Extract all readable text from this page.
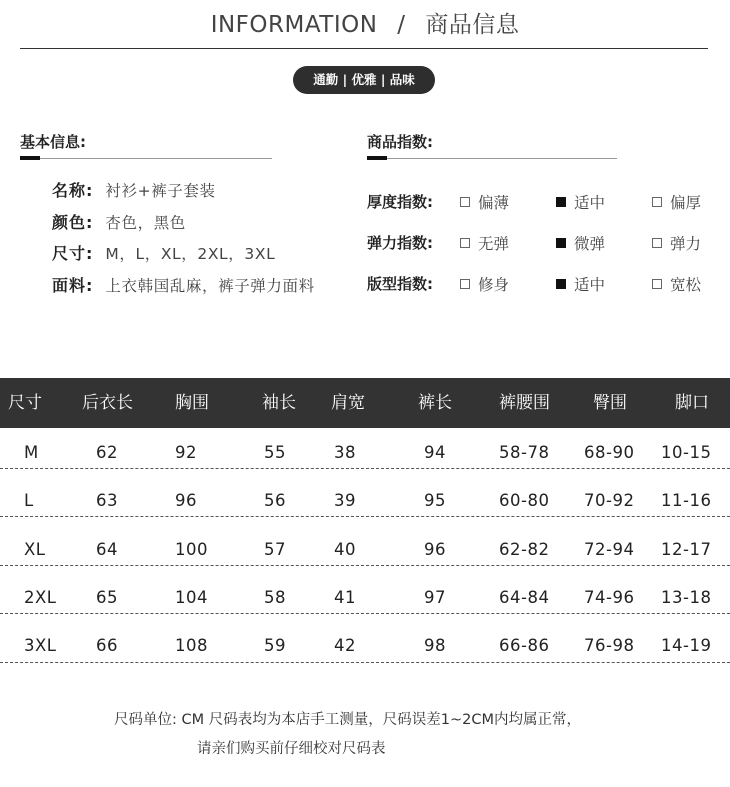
INFORMATION / 商品信息
通勤 | 优雅 | 品味
基本信息:
名称: 衬衫+裤子套装
颜色: 杏色，黑色
尺寸: M，L，XL，2XL，3XL
面料: 上衣韩国乱麻，裤子弹力面料
商品指数:
厚度指数:	偏薄	适中	偏厚
弹力指数:	无弹	微弹	弹力
版型指数:	修身	适中	宽松
尺寸 后衣长 胸围	袖长 肩宽	裤长	裤腰围	臀围	脚口
M	62	92	55	38	94	58-78 68-90 10-15
L	63	96	56	39	95	60-80 70-92 11-16
XL	64	100	57	40	96	62-82 72-94 12-17
2XL 65	104	58	41	97	64-84 74-96 13-18
3XL 66	108	59	42	98	66-86 76-98 14-19
尺码单位: CM 尺码表均为本店手工测量，尺码误差1~2CM内均属正常，
请亲们购买前仔细校对尺码表
